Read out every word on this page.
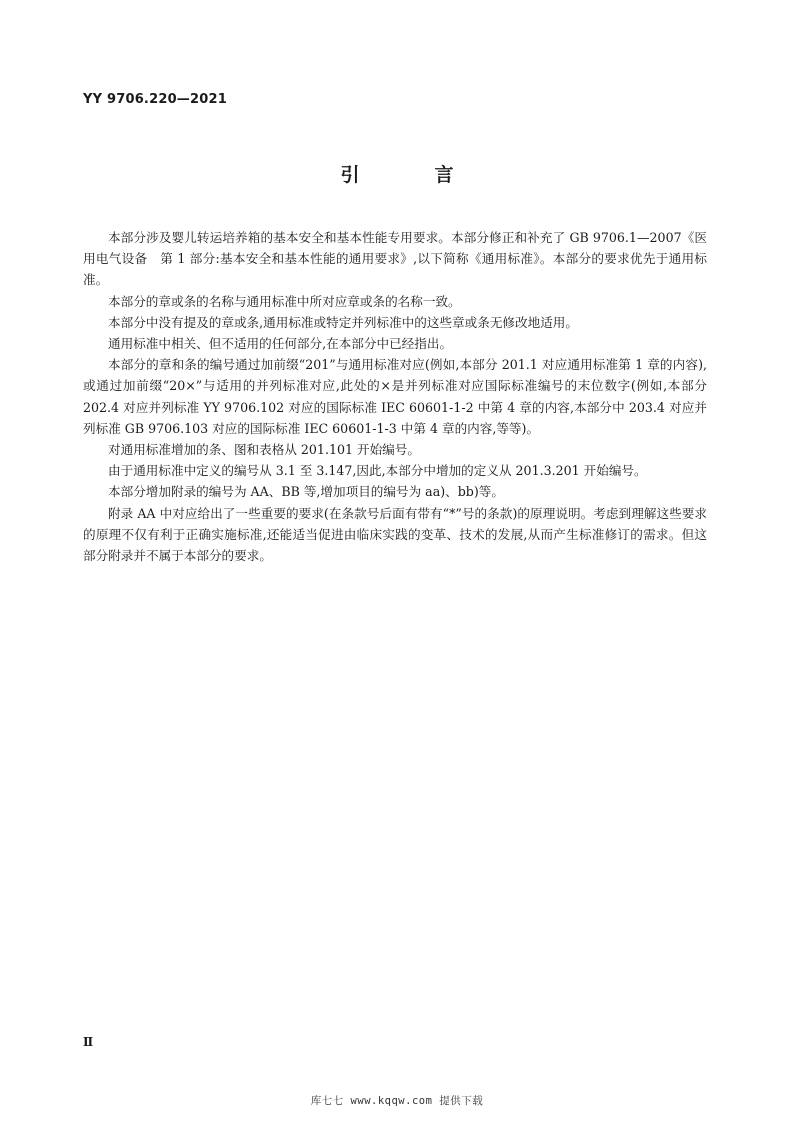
YY 9706.220—2021
引　言

本部分涉及婴儿转运培养箱的基本安全和基本性能专用要求。本部分修正和补充了 GB 9706.1—2007《医用电气设备　第 1 部分:基本安全和基本性能的通用要求》,以下简称《通用标准》。本部分的要求优先于通用标准。

本部分的章或条的名称与通用标准中所对应章或条的名称一致。

本部分中没有提及的章或条,通用标准或特定并列标准中的这些章或条无修改地适用。

通用标准中相关、但不适用的任何部分,在本部分中已经指出。

本部分的章和条的编号通过加前缀“201”与通用标准对应(例如,本部分 201.1 对应通用标准第 1 章的内容),或通过加前缀“20×”与适用的并列标准对应,此处的×是并列标准对应国际标准编号的末位数字(例如,本部分 202.4 对应并列标准 YY 9706.102 对应的国际标准 IEC 60601-1-2 中第 4 章的内容,本部分中 203.4 对应并列标准 GB 9706.103 对应的国际标准 IEC 60601-1-3 中第 4 章的内容,等等)。

对通用标准增加的条、图和表格从 201.101 开始编号。

由于通用标准中定义的编号从 3.1 至 3.147,因此,本部分中增加的定义从 201.3.201 开始编号。

本部分增加附录的编号为 AA、BB 等,增加项目的编号为 aa)、bb)等。

附录 AA 中对应给出了一些重要的要求(在条款号后面有带有“*”号的条款)的原理说明。考虑到理解这些要求的原理不仅有利于正确实施标准,还能适当促进由临床实践的变革、技术的发展,从而产生标准修订的需求。但这部分附录并不属于本部分的要求。

Ⅱ
库七七 www.kqqw.com 提供下载
